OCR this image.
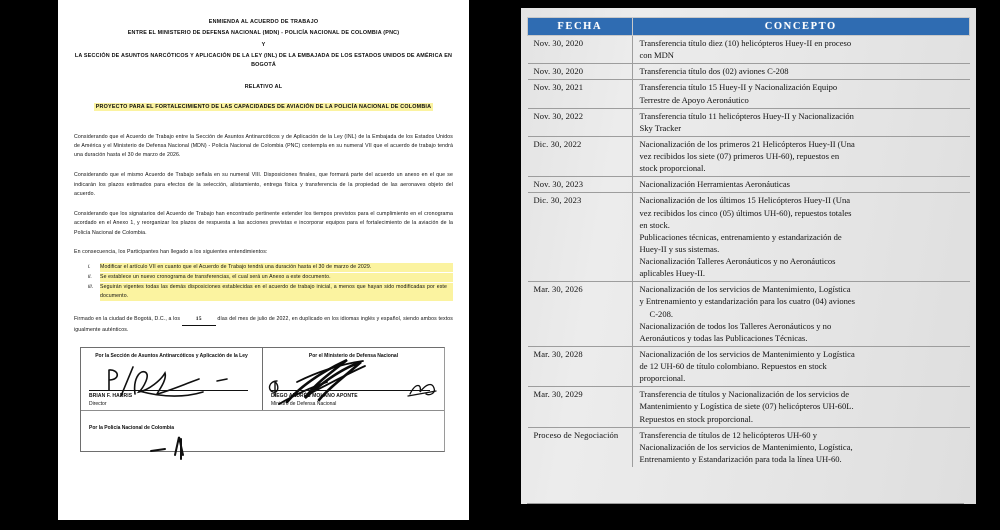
ENMIENDA AL ACUERDO DE TRABAJO
ENTRE EL MINISTERIO DE DEFENSA NACIONAL (MDN) - POLICÍA NACIONAL DE COLOMBIA (PNC)
Y
LA SECCIÓN DE ASUNTOS NARCÓTICOS Y APLICACIÓN DE LA LEY (INL) DE LA EMBAJADA DE LOS ESTADOS UNIDOS DE AMÉRICA EN BOGOTÁ
RELATIVO AL
PROYECTO PARA EL FORTALECIMIENTO DE LAS CAPACIDADES DE AVIACIÓN DE LA POLICÍA NACIONAL DE COLOMBIA
Considerando que el Acuerdo de Trabajo entre la Sección de Asuntos Antinarcóticos y de Aplicación de la Ley (INL) de la Embajada de los Estados Unidos de América y el Ministerio de Defensa Nacional (MDN) - Policía Nacional de Colombia (PNC) contempla en su numeral VII que el acuerdo de trabajo tendrá una duración hasta el 30 de marzo de 2026.
Considerando que el mismo Acuerdo de Trabajo señala en su numeral VIII. Disposiciones finales, que formará parte del acuerdo un anexo en el que se indicarán los plazos estimados para efectos de la selección, alistamiento, entrega física y transferencia de la propiedad de las aeronaves objeto del acuerdo.
Considerando que los signatarios del Acuerdo de Trabajo han encontrado pertinente extender los tiempos previstos para el cumplimiento en el cronograma acordado en el Anexo 1, y reorganizar los plazos de respuesta a las acciones previstas e incorporar equipos para el fortalecimiento de la aviación de la Policía Nacional de Colombia.
En consecuencia, los Participantes han llegado a los siguientes entendimientos:
i.	Modificar el artículo VII en cuanto que el Acuerdo de Trabajo tendrá una duración hasta el 30 de marzo de 2029.
ii.	Se establece un nuevo cronograma de transferencias, el cual será un Anexo a este documento.
iii.	Seguirán vigentes todas las demás disposiciones establecidas en el acuerdo de trabajo inicial, a menos que hayan sido modificadas por este documento.
Firmado en la ciudad de Bogotá, D.C., a los	15	días del mes de julio de 2022, en duplicado en los idiomas inglés y español, siendo ambos textos igualmente auténticos.
Por la Sección de Asuntos Antinarcóticos y Aplicación de la Ley
BRIAN F. HARRIS
Director
Por el Ministerio de Defensa Nacional
DIEGO ANDRÉS MOLANO APONTE
Ministro de Defensa Nacional
Por la Policía Nacional de Colombia
FECHA	CONCEPTO
Nov. 30, 2020	Transferencia título diez (10) helicópteros Huey-II en proceso
con MDN

Nov. 30, 2020	Transferencia título dos (02) aviones C-208

Nov. 30, 2021	Transferencia título 15 Huey-II y Nacionalización Equipo
Terrestre de Apoyo Aeronáutico

Nov. 30, 2022	Transferencia título 11 helicópteros Huey-II y Nacionalización
Sky Tracker

Dic. 30, 2022	Nacionalización de los primeros 21 Helicópteros Huey-II (Una
vez recibidos los siete (07) primeros UH-60), repuestos en
stock proporcional.

Nov. 30, 2023	Nacionalización Herramientas Aeronáuticas

Dic. 30, 2023	Nacionalización de los últimos 15 Helicópteros Huey-II (Una
vez recibidos los cinco (05) últimos UH-60), repuestos totales
en stock.
Publicaciones técnicas, entrenamiento y estandarización de
Huey-II y sus sistemas.
Nacionalización Talleres Aeronáuticos y no Aeronáuticos
aplicables Huey-II.

Mar. 30, 2026	Nacionalización de los servicios de Mantenimiento, Logística
y Entrenamiento y estandarización para los cuatro (04) aviones
C-208.
Nacionalización de todos los Talleres Aeronáuticos y no
Aeronáuticos y todas las Publicaciones Técnicas.

Mar. 30, 2028	Nacionalización de los servicios de Mantenimiento y Logística
de 12 UH-60 de título colombiano. Repuestos en stock
proporcional.

Mar. 30, 2029	Transferencia de títulos y Nacionalización de los servicios de
Mantenimiento y Logística de siete (07) helicópteros UH-60L.
Repuestos en stock proporcional.

Proceso de Negociación	Transferencia de títulos de 12 helicópteros UH-60 y
Nacionalización de los servicios de Mantenimiento, Logística,
Entrenamiento y Estandarización para toda la línea UH-60.
